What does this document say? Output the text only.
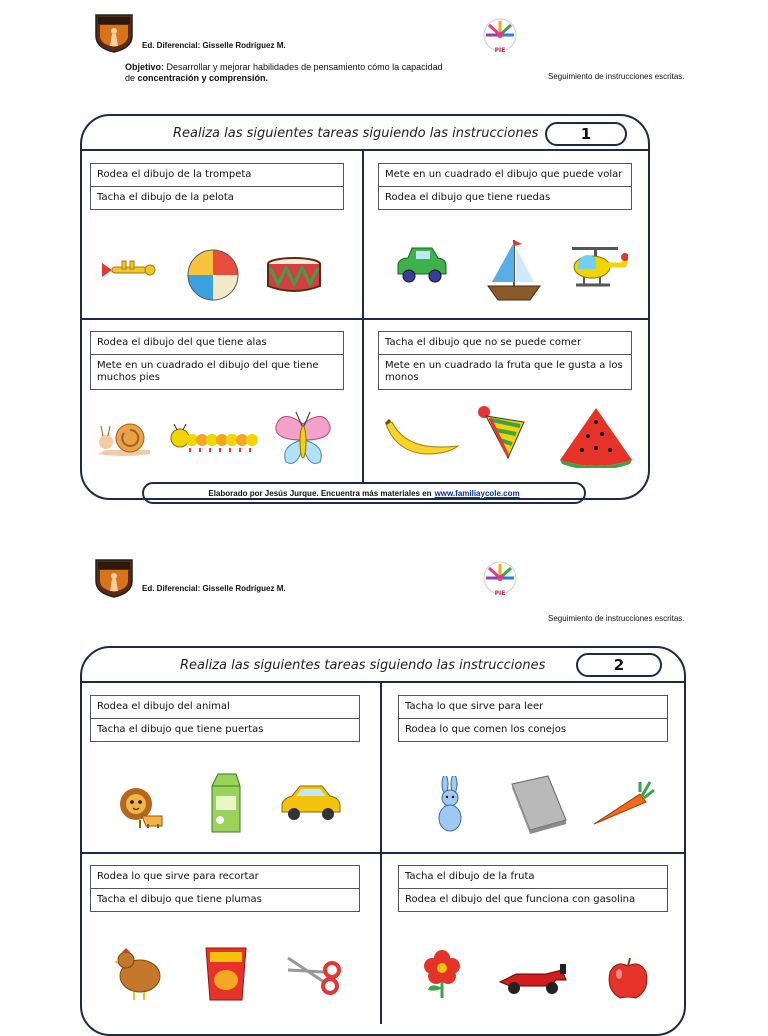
Ed. Diferencial: Gisselle Rodríguez M.
PIE
Objetivo: Desarrollar y mejorar habilidades de pensamiento cómo la capacidad de concentración y comprensión.	Seguimiento de instrucciones escritas.
Realiza las siguientes tareas siguiendo las instrucciones	1
Rodea el dibujo de la trompeta
Tacha el dibujo de la pelota
Mete en un cuadrado el dibujo que puede volar
Rodea el dibujo que tiene ruedas
Rodea el dibujo del que tiene alas
Mete en un cuadrado el dibujo del que tiene muchos pies
Tacha el dibujo que no se puede comer
Mete en un cuadrado la fruta que le gusta a los monos
Elaborado por Jesús Jurque. Encuentra más materiales en www.familiaycole.com
Ed. Diferencial: Gisselle Rodríguez M.
PIE
Seguimiento de instrucciones escritas.
Realiza las siguientes tareas siguiendo las instrucciones	2
Rodea el dibujo del animal
Tacha el dibujo que tiene puertas
Tacha lo que sirve para leer
Rodea lo que comen los conejos
Rodea lo que sirve para recortar
Tacha el dibujo que tiene plumas
Tacha el dibujo de la fruta
Rodea el dibujo del que funciona con gasolina
